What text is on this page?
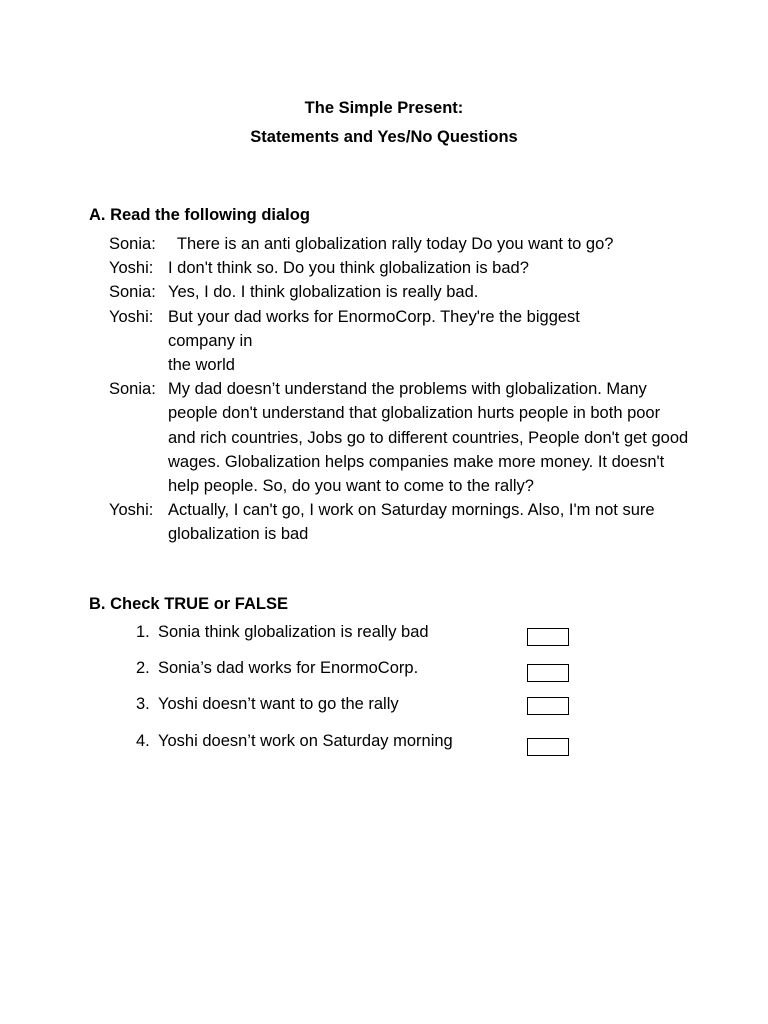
The Simple Present:
Statements and Yes/No Questions
A. Read the following dialog
Sonia: There is an anti globalization rally today Do you want to go?
Yoshi: I don't think so. Do you think globalization is bad?
Sonia: Yes, I do. I think globalization is really bad.
Yoshi: But your dad works for EnormoCorp. They're the biggest company in
the world
Sonia: My dad doesn’t understand the problems with globalization. Many people don't understand that globalization hurts people in both poor and rich countries, Jobs go to different countries, People don't get good wages. Globalization helps companies make more money. It doesn't help people. So, do you want to come to the rally?
Yoshi: Actually, I can't go, I work on Saturday mornings. Also, I'm not sure globalization is bad
B. Check TRUE or FALSE
1. Sonia think globalization is really bad
2. Sonia’s dad works for EnormoCorp.
3. Yoshi doesn’t want to go the rally
4. Yoshi doesn’t work on Saturday morning
